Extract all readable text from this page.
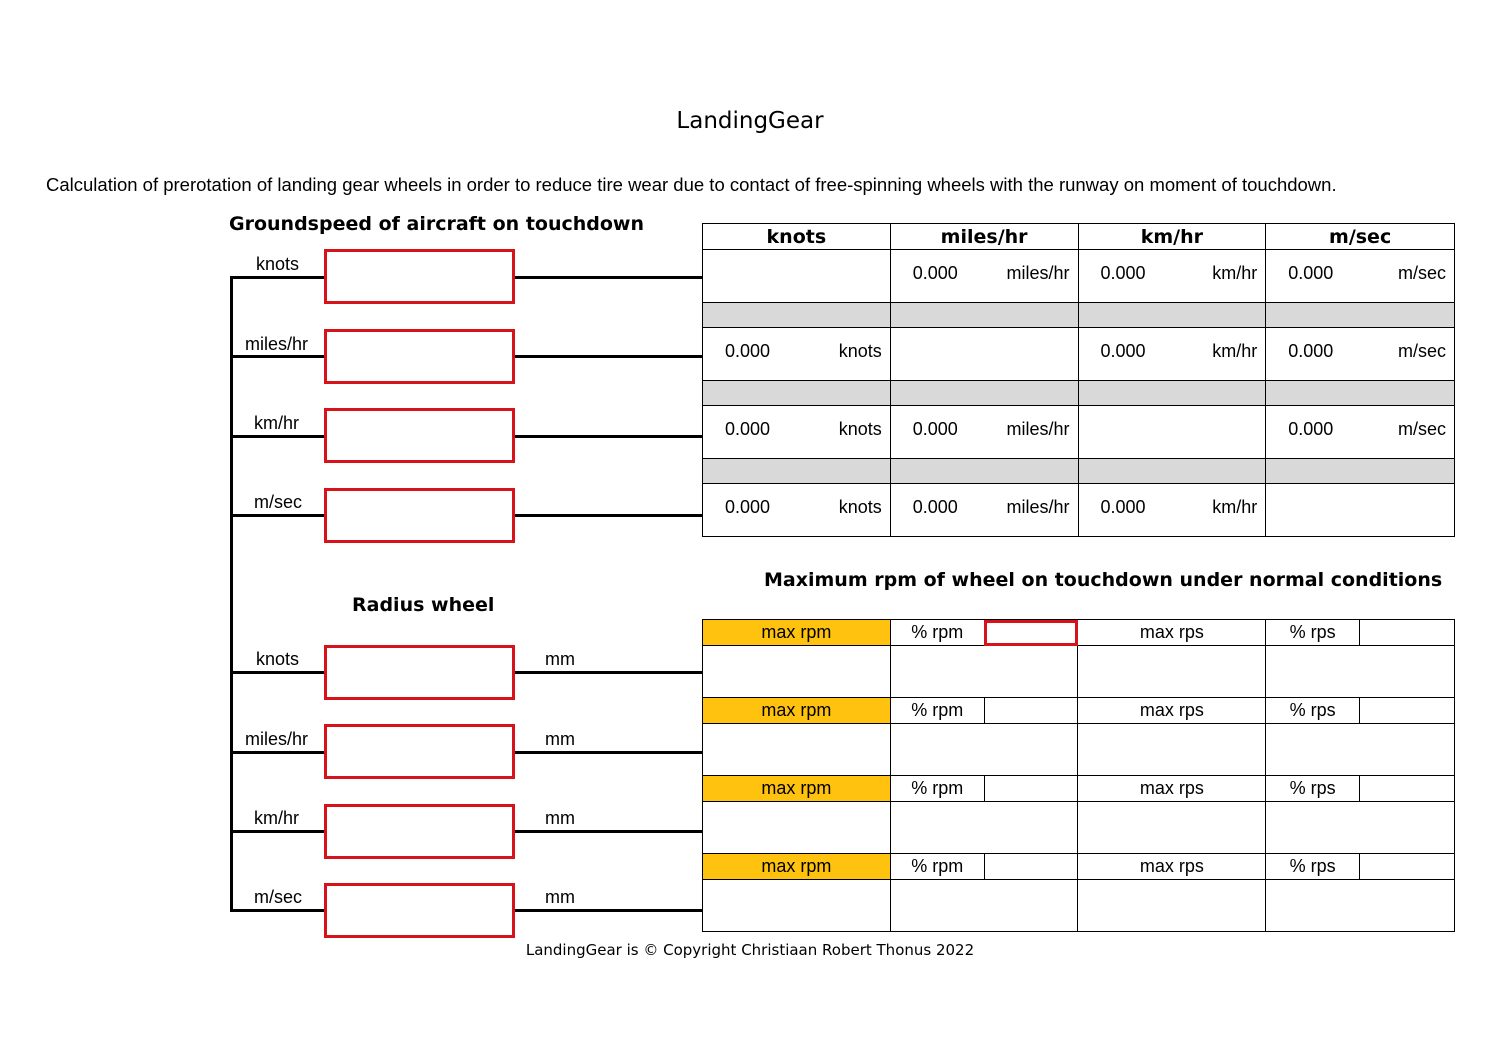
LandingGear
Calculation of prerotation of landing gear wheels in order to reduce tire wear due to contact of free-spinning wheels with the runway on moment of touchdown.
Groundspeed of aircraft on touchdown
Radius wheel
Maximum rpm of wheel on touchdown under normal conditions
knots
miles/hr
km/hr
m/sec
knots	mm
miles/hr	mm
km/hr	mm
m/sec	mm
knots	miles/hr	km/hr	m/sec

	0.000 miles/hr	0.000 km/hr	0.000 m/sec

0.000 knots		0.000 km/hr	0.000 m/sec

0.000 knots	0.000 miles/hr		0.000 m/sec

0.000 knots	0.000 miles/hr	0.000 km/hr	

max rpm	% rpm		max rps	% rps	

max rpm	% rpm		max rps	% rps	

max rpm	% rpm		max rps	% rps	

max rpm	% rpm		max rps	% rps	

LandingGear is © Copyright Christiaan Robert Thonus 2022
